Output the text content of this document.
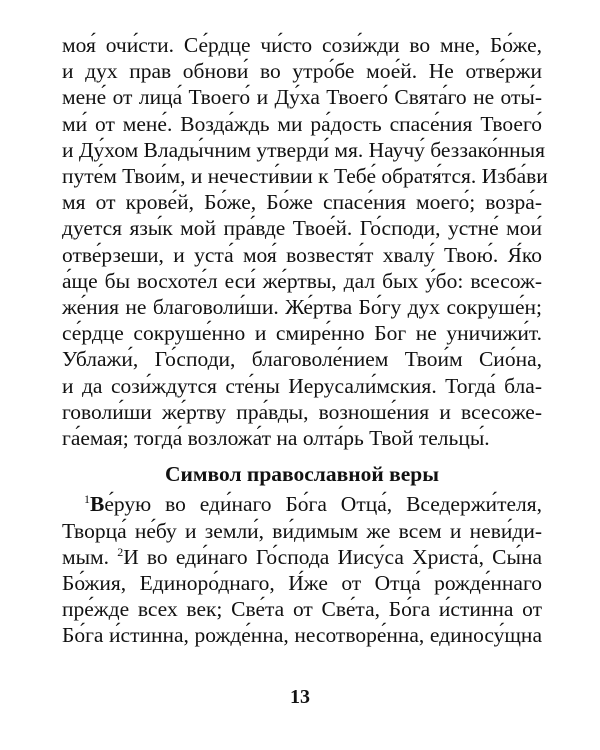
моя́ очи́сти. Се́рдце чи́сто сози́жди во мне, Бо́же,
и дух прав обнови́ во утро́бе мое́й. Не отве́ржи
мене́ от лица́ Твоего́ и Ду́ха Твоего́ Свята́го не оты́-
ми́ от мене́. Возда́ждь ми ра́дость спасе́ния Твоего́
и Ду́хом Влады́чним утверди́ мя. Научу́ беззако́нныя
путе́м Твои́м, и нечести́вии к Тебе́ обратя́тся. Изба́ви
мя от крове́й, Бо́же, Бо́же спасе́ния моего́; возра́-
дуется язы́к мой пра́вде Твое́й. Го́споди, устне́ мои́
отве́рзеши, и уста́ моя́ возвестя́т хвалу́ Твою́. Я́ко
а́ще бы восхоте́л еси́ же́ртвы, дал бых у́бо: всесож-
же́ния не благоволи́ши. Же́ртва Бо́гу дух сокруше́н;
се́рдце сокруше́нно и смире́нно Бог не уничижи́т.
Ублажи́, Го́споди, благоволе́нием Твои́м Сио́на,
и да сози́ждутся сте́ны Иерусали́мския. Тогда́ бла-
говоли́ши же́ртву пра́вды, возноше́ния и всесоже-
га́емая; тогда́ возложа́т на олта́рь Твой тельцы́.
Символ православной веры
$^1$Ве́рую во еди́наго Бо́га Отца́, Вседержи́теля,
Творца́ не́бу и земли́, ви́димым же всем и неви́ди-
мым. $^2$И во еди́наго Го́спода Иису́са Христа́, Сы́на
Бо́жия, Единоро́днаго, И́же от Отца́ рожде́ннаго
пре́жде всех век; Све́та от Све́та, Бо́га и́стинна от
Бо́га и́стинна, рожде́нна, несотворе́нна, единосу́щна
13
